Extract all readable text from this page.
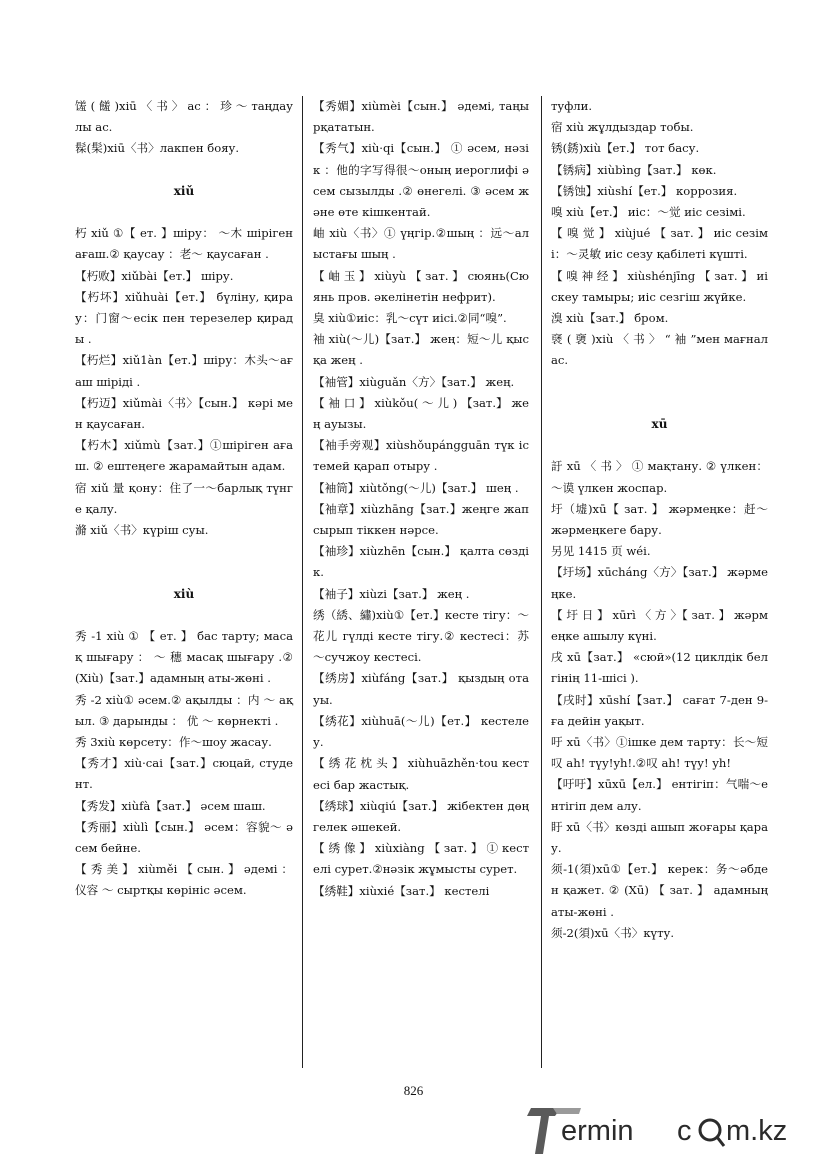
馐 ( 饈 )xiū 〈 书 〉 ас ： 珍 ～ таңдаулы ас.

髹(髤)xiū〈书〉лакпен бояу.

xiǔ

朽 xiǔ ①【 ет. 】шіру： ～木 шіріген ағаш.② қаусау ：老～ қаусаған .

【朽败】xiǔbài【ет.】 шіру.

【朽坏】xiǔhuài【ет.】 бүліну, қирау：门窗～есік пен терезелер қирады .

【朽烂】xiǔ1àn【ет.】шіру：木头～ағаш шіріді .

【朽迈】xiǔmài〈书〉【сын.】 кәрі мен қаусаған.

【朽木】xiǔmù【зат.】①шіріген ағаш. ② ештеңеге жарамайтын адам.

宿 xiǔ 量 қону：住了一～барлық түнге қалу.

滫 xiǔ〈书〉күріш суы.

xiù

秀 -1 xiù ① 【 ет. 】 бас тарту; масақ шығару ： ～ 穗 масақ шығару .②(Xiù)【зат.】адамның аты-жөні .

秀 -2 xiù① әсем.② ақылды ：内 ～ ақыл. ③ дарынды ： 优 ～ көрнекті .

秀 3xiù көрсету：作～шоу жасау.

【秀才】xiù·cai【зат.】сюцай, студент.

【秀发】xiùfà【зат.】 әсем шаш.

【秀丽】xiùlì【сын.】 әсем：容貌～ әсем бейне.

【 秀 美 】 xiùměi 【 сын. 】 әдемі ： 仪容 ～ сыртқы көрініс әсем.

【秀媚】xiùmèi【сын.】 әдемі, таңырқататын.

【秀气】xiù·qi【сын.】 ① әсем, нәзік ：他的字写得很～оның иероглифі әсем сызылды .② өнегелі. ③ әсем және өте кішкентай.

岫 xiù〈书〉① үңгір.②шың ：远～алыстағы шың .

【 岫 玉 】 xiùyù 【 зат. 】 сюянь(Сюянь пров. әкелінетін нефрит).

臭 xiù①иіс：乳～сүт иісі.②同“嗅”.

袖 xiù(～儿)【зат.】 жең：短～儿 қысқа жең .

【袖管】xiùguǎn〈方〉【зат.】 жең.

【 袖 口 】 xiùkǒu( ～ 儿 ) 【зат.】 жең ауызы.

【袖手旁观】xiùshǒupángguān түк істемей қарап отыру .

【袖筒】xiùtǒng(～儿)【зат.】 шең .

【袖章】xiùzhāng【зат.】жеңге жапсырып тіккен нәрсе.

【袖珍】xiùzhēn【сын.】 қалта сөздік.

【袖子】xiùzi【зат.】 жең .

绣（綉、繡)xiù①【ет.】кесте тігу：～花儿 гүлді кесте тігу.② кестесі：苏～сучжоу кестесі.

【绣房】xiùfáng【зат.】 қыздың отауы.

【绣花】xiùhuā(～儿)【ет.】 кестелеу.

【 绣 花 枕 头 】 xiùhuāzhěn·tou кестесі бар жастық.

【绣球】xiùqiú【зат.】 жібектен дөңгелек әшекей.

【 绣 像 】 xiùxiàng 【 зат. 】 ① кестелі сурет.②нәзік жұмысты сурет.

【绣鞋】xiùxié【зат.】 кестелі

туфли.

宿 xiù жұлдыздар тобы.

锈(銹)xiù【ет.】 тот басу.

【锈病】xiùbìng【зат.】 көк.

【锈蚀】xiùshí【ет.】 коррозия.

嗅 xiù【ет.】 иіс：～觉 иіс сезімі.

【 嗅 觉 】 xiùjué 【 зат. 】 иіс сезімі：～灵敏 иіс сезу қабілеті күшті.

【 嗅 神 经 】 xiùshénjīng 【 зат. 】 иіскеу тамыры; иіс сезгіш жүйке.

溴 xiù【зат.】 бром.

褎 ( 褏 )xiù 〈 书 〉 “ 袖 ”мен мағналас.

xū

訏 xū 〈 书 〉 ① мақтану. ② үлкен：～谟 үлкен жоспар.

圩（墟)xū【 зат. 】 жәрмеңке：赶～жәрмеңкеге бару.

另见 1415 页 wéi.

【圩场】xūcháng〈方〉【зат.】 жәрмеңке.

【 圩 日 】 xūrì 〈 方 〉【 зат. 】 жәрмеңке ашылу күні.

戌 xū【зат.】 «сюй»(12 циклдік белгінің 11-шісі ).

【戌时】xūshí【зат.】 сағат 7-ден 9-ға дейін уақыт.

吁 xū〈书〉①ішке дем тарту：长～短叹 ah! түу!yh!.②叹 ah! түу! yh!

【吁吁】xūxū【ел.】 ентігіп：气喘～ентігіп дем алу.

盱 xū〈书〉көзді ашып жоғары қарау.

须-1(須)xū①【ет.】 керек：务～әбден қажет. ② (Xū) 【 зат. 】 адамның аты-жөні .

须-2(須)xū〈书〉күту.

826
ermin c m.kz
